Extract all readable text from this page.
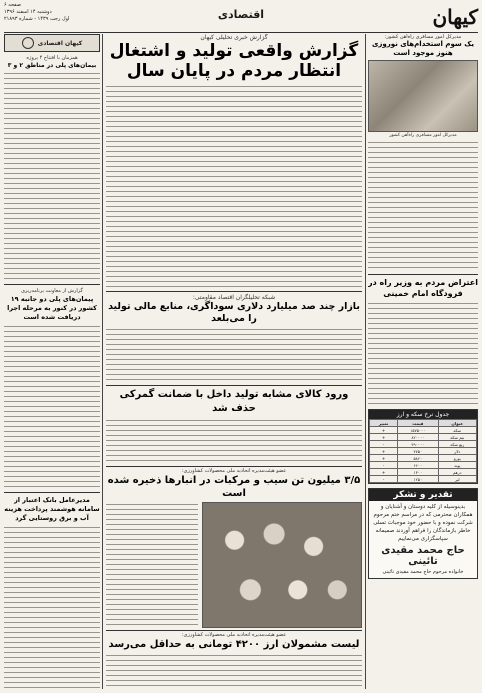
کیهان
اقتصادی
صفحه ۶
دوشنبه ۱۴ اسفند ۱۳۹۶
اول رجب ۱۴۳۹ - شماره ۲۱۸۹۳
کیهان اقتصادی
همزمان با افتتاح ۴ پروژه
بیمان‌های پلی در مناطق ۲ و ۳
گزارش از معاونت برنامه‌ریزی
پیمان‌های پلی دو جانبه ۱۹ کشور در کنور به مرحله اجرا دریافت شده است
مدیرعامل بانک اعتبار از سامانه هوشمند پرداخت هزینه آب و برق روستایی گرد
گزارش خبری تحلیلی کیهان
گزارش واقعی تولید و اشتغال
انتظار مردم در پایان سال
شبکه تحلیلگران اقتصاد مقاومتی:
بازار چند صد میلیارد دلاری سوداگری، منابع مالی تولید را می‌بلعد
ورود کالای مشابه تولید داخل با ضمانت گمرکی حذف شد
عضو هیئت‌مدیره اتحادیه ملی محصولات کشاورزی:
۳/۵ میلیون تن سیب و مرکبات در انبارها ذخیره شده است
عضو هیئت‌مدیره اتحادیه ملی محصولات کشاورزی:
لیست مشمولان ارز ۴۲۰۰ تومانی به حداقل می‌رسد
مدیرکل امور مسافری راه‌آهن کشور:
یک سوم استخدام‌های نوروزی هنوز موجود است
مدیرکل امور مسافری راه‌آهن کشور
اعتراض مردم به وزیر راه در فرودگاه امام خمینی
جدول نرخ سکه و ارز
عنوان	قیمت	تغییر
سکه	۱۵۷۵۰۰۰	+
نیم سکه	۸۲۰۰۰۰	+
ربع سکه	۴۹۰۰۰۰	-
دلار	۴۷۵۰	+
یورو	۵۸۶۰	+
پوند	۶۶۰۰	-
درهم	۱۳۰۰	+
لیر	۱۲۵۰	-
تقدیر و تشکر
بدینوسیله از کلیه دوستان و آشنایان و همکاران محترمی که در مراسم ختم مرحوم شرکت نموده و با حضور خود موجبات تسلی خاطر بازماندگان را فراهم آوردند صمیمانه سپاسگزاری می‌نماییم
حاج محمد مقیدی تائینی
خانواده مرحوم حاج محمد مقیدی تائینی
